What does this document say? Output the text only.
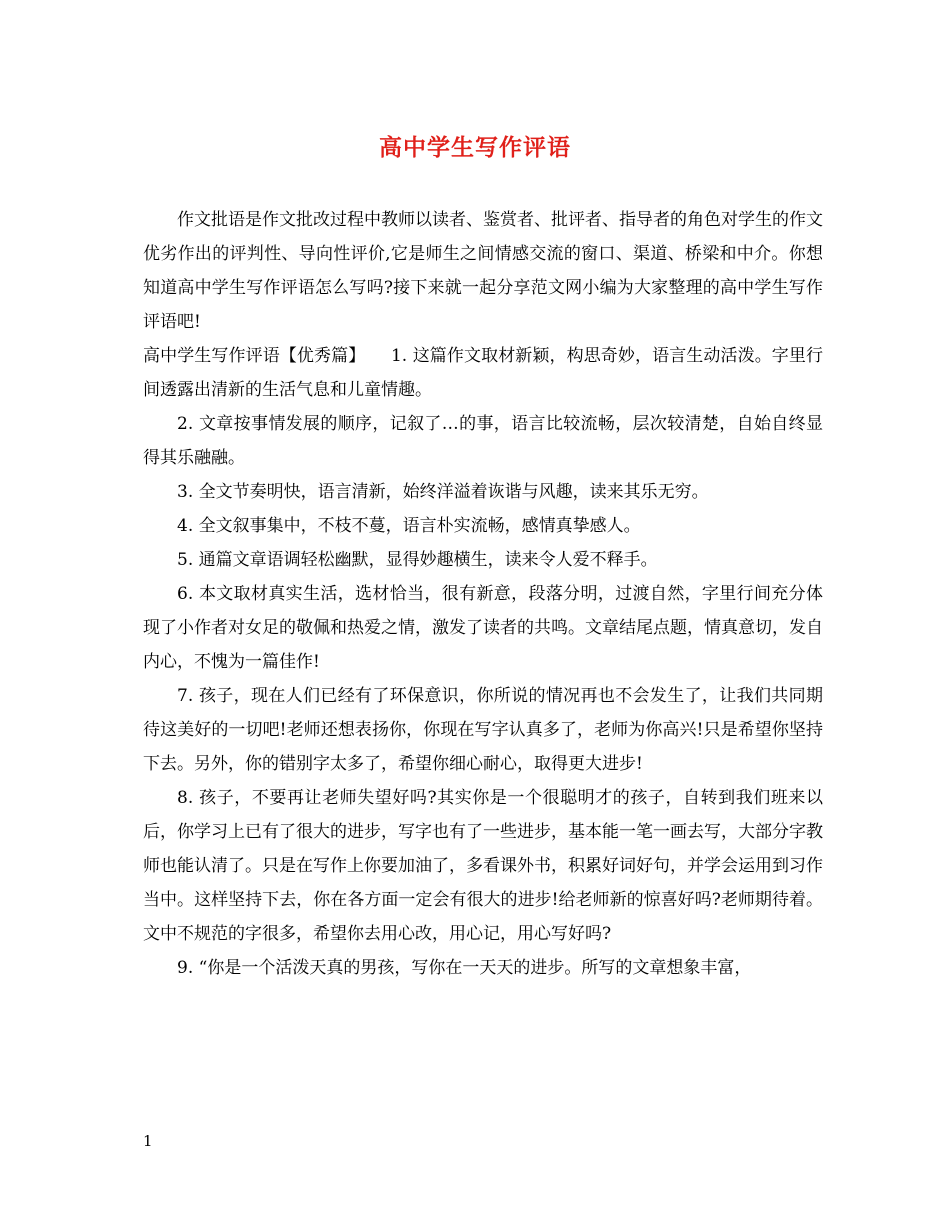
高中学生写作评语

作文批语是作文批改过程中教师以读者、鉴赏者、批评者、指导者的角色对学生的作文优劣作出的评判性、导向性评价,它是师生之间情感交流的窗口、渠道、桥梁和中介。你想知道高中学生写作评语怎么写吗?接下来就一起分享范文网小编为大家整理的高中学生写作评语吧!

高中学生写作评语【优秀篇】　　1. 这篇作文取材新颖，构思奇妙，语言生动活泼。字里行间透露出清新的生活气息和儿童情趣。

2. 文章按事情发展的顺序，记叙了…的事，语言比较流畅，层次较清楚，自始自终显得其乐融融。

3. 全文节奏明快，语言清新，始终洋溢着诙谐与风趣，读来其乐无穷。

4. 全文叙事集中，不枝不蔓，语言朴实流畅，感情真挚感人。

5. 通篇文章语调轻松幽默，显得妙趣横生，读来令人爱不释手。

6. 本文取材真实生活，选材恰当，很有新意，段落分明，过渡自然，字里行间充分体现了小作者对女足的敬佩和热爱之情，激发了读者的共鸣。文章结尾点题，情真意切，发自内心，不愧为一篇佳作!

7. 孩子，现在人们已经有了环保意识，你所说的情况再也不会发生了，让我们共同期待这美好的一切吧!老师还想表扬你，你现在写字认真多了，老师为你高兴!只是希望你坚持下去。另外，你的错别字太多了，希望你细心耐心，取得更大进步!

8. 孩子，不要再让老师失望好吗?其实你是一个很聪明才的孩子，自转到我们班来以后，你学习上已有了很大的进步，写字也有了一些进步，基本能一笔一画去写，大部分字教师也能认清了。只是在写作上你要加油了，多看课外书，积累好词好句，并学会运用到习作当中。这样坚持下去，你在各方面一定会有很大的进步!给老师新的惊喜好吗?老师期待着。文中不规范的字很多，希望你去用心改，用心记，用心写好吗?

9. “你是一个活泼天真的男孩，写你在一天天的进步。所写的文章想象丰富，

1
